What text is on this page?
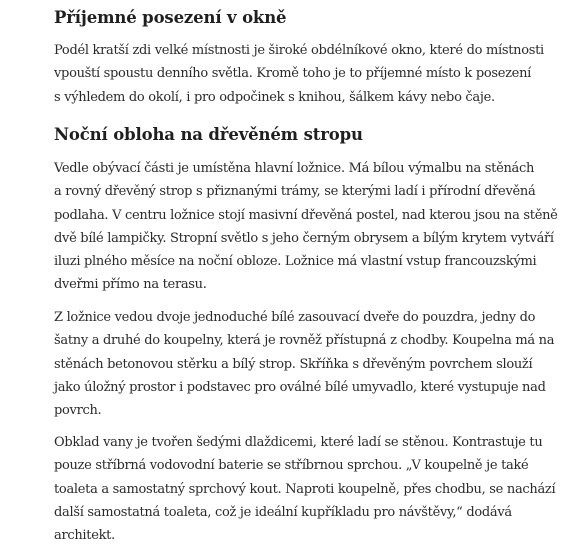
Příjemné posezení v okně

Podél kratší zdi velké místnosti je široké obdélníkové okno, které do místnosti
vpouští spoustu denního světla. Kromě toho je to příjemné místo k posezení
s výhledem do okolí, i pro odpočinek s knihou, šálkem kávy nebo čaje.

Noční obloha na dřevěném stropu

Vedle obývací části je umístěna hlavní ložnice. Má bílou výmalbu na stěnách
a rovný dřevěný strop s přiznanými trámy, se kterými ladí i přírodní dřevěná
podlaha. V centru ložnice stojí masivní dřevěná postel, nad kterou jsou na stěně
dvě bílé lampičky. Stropní světlo s jeho černým obrysem a bílým krytem vytváří
iluzi plného měsíce na noční obloze. Ložnice má vlastní vstup francouzskými
dveřmi přímo na terasu.

Z ložnice vedou dvoje jednoduché bílé zasouvací dveře do pouzdra, jedny do
šatny a druhé do koupelny, která je rovněž přístupná z chodby. Koupelna má na
stěnách betonovou stěrku a bílý strop. Skříňka s dřevěným povrchem slouží
jako úložný prostor i podstavec pro oválné bílé umyvadlo, které vystupuje nad
povrch.

Obklad vany je tvořen šedými dlaždicemi, které ladí se stěnou. Kontrastuje tu
pouze stříbrná vodovodní baterie se stříbrnou sprchou. „V koupelně je také
toaleta a samostatný sprchový kout. Naproti koupelně, přes chodbu, se nachází
další samostatná toaleta, což je ideální kupříkladu pro návštěvy,“ dodává
architekt.
